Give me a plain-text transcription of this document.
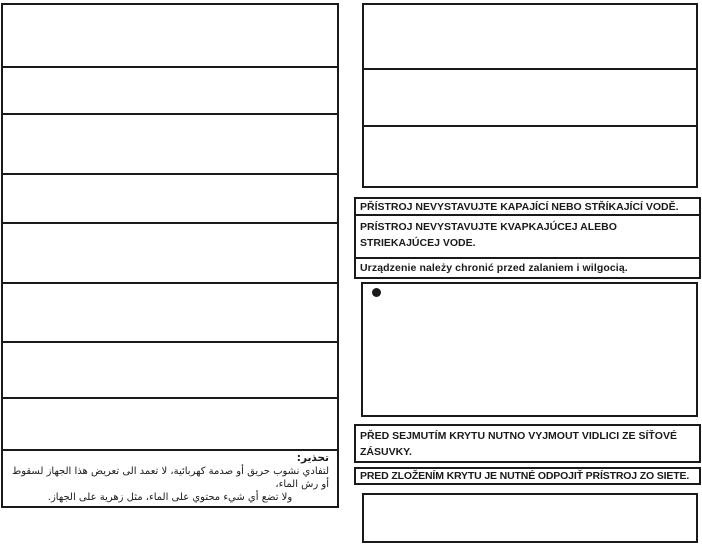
تحذير:
لتفادي نشوب حريق أو صدمة كهربائية، لا تعمد الى تعريض هذا الجهاز لسقوط أو رش الماء،
ولا تضع أي شيء محتوي على الماء، مثل زهرية على الجهاز.
PŘÍSTROJ NEVYSTAVUJTE KAPAJÍCÍ NEBO STŘÍKAJÍCÍ VODĚ.
PRÍSTROJ NEVYSTAVUJTE KVAPKAJÚCEJ ALEBO STRIEKAJÚCEJ VODE.
Urządzenie należy chronić przed zalaniem i wilgocią.
PŘED SEJMUTÍM KRYTU NUTNO VYJMOUT VIDLICI ZE SÍŤOVÉ ZÁSUVKY.
PRED ZLOŽENÍM KRYTU JE NUTNÉ ODPOJIŤ PRÍSTROJ ZO SIETE.
